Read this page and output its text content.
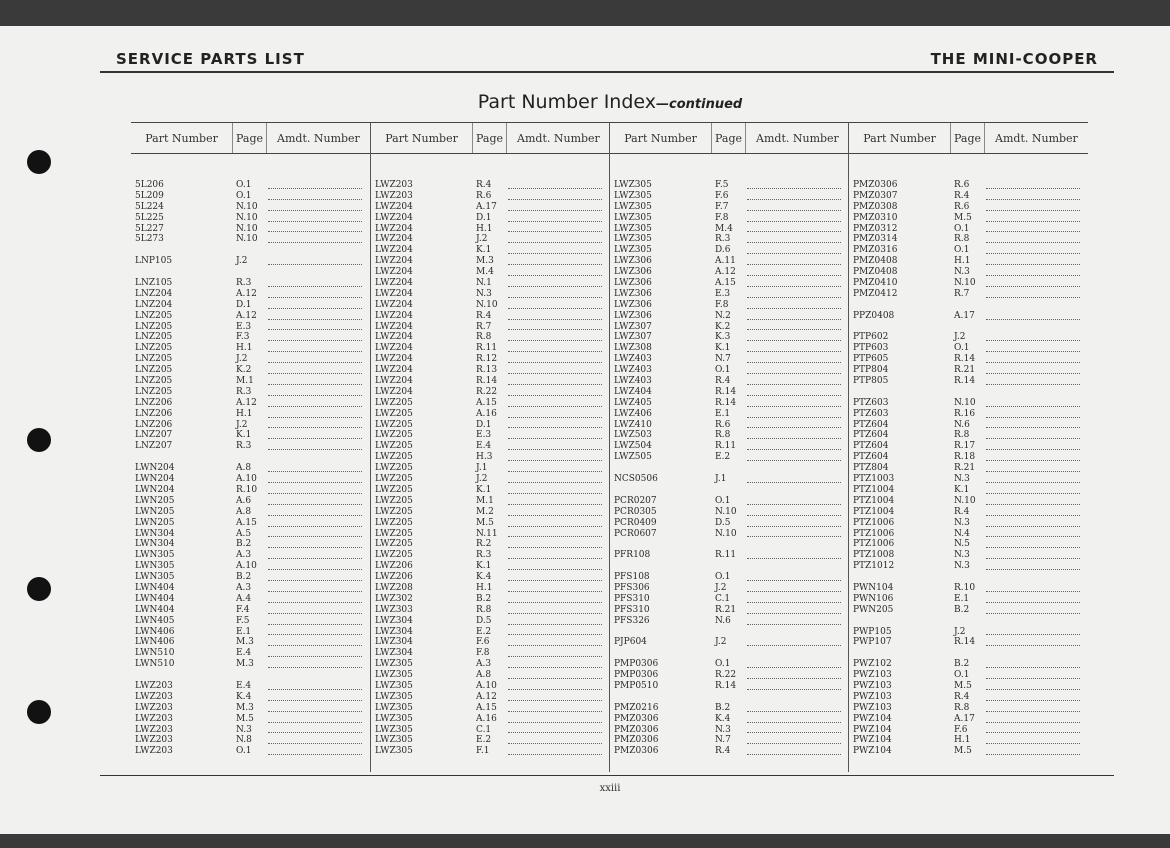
SERVICE PARTS LIST	THE MINI-COOPER
Part Number Index—continued
Part Number	Page	Amdt. Number
5L206	O.1
5L209	O.1
5L224	N.10
5L225	N.10
5L227	N.10
5L273	N.10
LNP105	J.2
LNZ105	R.3
LNZ204	A.12
LNZ204	D.1
LNZ205	A.12
LNZ205	E.3
LNZ205	F.3
LNZ205	H.1
LNZ205	J.2
LNZ205	K.2
LNZ205	M.1
LNZ205	R.3
LNZ206	A.12
LNZ206	H.1
LNZ206	J.2
LNZ207	K.1
LNZ207	R.3
LWN204	A.8
LWN204	A.10
LWN204	R.10
LWN205	A.6
LWN205	A.8
LWN205	A.15
LWN304	A.5
LWN304	B.2
LWN305	A.3
LWN305	A.10
LWN305	B.2
LWN404	A.3
LWN404	A.4
LWN404	F.4
LWN405	F.5
LWN406	E.1
LWN406	M.3
LWN510	E.4
LWN510	M.3
LWZ203	E.4
LWZ203	K.4
LWZ203	M.3
LWZ203	M.5
LWZ203	N.3
LWZ203	N.8
LWZ203	O.1
Part Number	Page	Amdt. Number
LWZ203	R.4
LWZ203	R.6
LWZ204	A.17
LWZ204	D.1
LWZ204	H.1
LWZ204	J.2
LWZ204	K.1
LWZ204	M.3
LWZ204	M.4
LWZ204	N.1
LWZ204	N.3
LWZ204	N.10
LWZ204	R.4
LWZ204	R.7
LWZ204	R.8
LWZ204	R.11
LWZ204	R.12
LWZ204	R.13
LWZ204	R.14
LWZ204	R.22
LWZ205	A.15
LWZ205	A.16
LWZ205	D.1
LWZ205	E.3
LWZ205	E.4
LWZ205	H.3
LWZ205	J.1
LWZ205	J.2
LWZ205	K.1
LWZ205	M.1
LWZ205	M.2
LWZ205	M.5
LWZ205	N.11
LWZ205	R.2
LWZ205	R.3
LWZ206	K.1
LWZ206	K.4
LWZ208	H.1
LWZ302	B.2
LWZ303	R.8
LWZ304	D.5
LWZ304	E.2
LWZ304	F.6
LWZ304	F.8
LWZ305	A.3
LWZ305	A.8
LWZ305	A.10
LWZ305	A.12
LWZ305	A.15
LWZ305	A.16
LWZ305	C.1
LWZ305	E.2
LWZ305	F.1
Part Number	Page	Amdt. Number
LWZ305	F.5
LWZ305	F.6
LWZ305	F.7
LWZ305	F.8
LWZ305	M.4
LWZ305	R.3
LWZ305	D.6
LWZ306	A.11
LWZ306	A.12
LWZ306	A.15
LWZ306	E.3
LWZ306	F.8
LWZ306	N.2
LWZ307	K.2
LWZ307	K.3
LWZ308	K.1
LWZ403	N.7
LWZ403	O.1
LWZ403	R.4
LWZ404	R.14
LWZ405	R.14
LWZ406	E.1
LWZ410	R.6
LWZ503	R.8
LWZ504	R.11
LWZ505	E.2
NCS0506	J.1
PCR0207	O.1
PCR0305	N.10
PCR0409	D.5
PCR0607	N.10
PFR108	R.11
PFS108	O.1
PFS306	J.2
PFS310	C.1
PFS310	R.21
PFS326	N.6
PJP604	J.2
PMP0306	O.1
PMP0306	R.22
PMP0510	R.14
PMZ0216	B.2
PMZ0306	K.4
PMZ0306	N.3
PMZ0306	N.7
PMZ0306	R.4
Part Number	Page	Amdt. Number
PMZ0306	R.6
PMZ0307	R.4
PMZ0308	R.6
PMZ0310	M.5
PMZ0312	O.1
PMZ0314	R.8
PMZ0316	O.1
PMZ0408	H.1
PMZ0408	N.3
PMZ0410	N.10
PMZ0412	R.7
PPZ0408	A.17
PTP602	J.2
PTP603	O.1
PTP605	R.14
PTP804	R.21
PTP805	R.14
PTZ603	N.10
PTZ603	R.16
PTZ604	N.6
PTZ604	R.8
PTZ604	R.17
PTZ604	R.18
PTZ804	R.21
PTZ1003	N.3
PTZ1004	K.1
PTZ1004	N.10
PTZ1004	R.4
PTZ1006	N.3
PTZ1006	N.4
PTZ1006	N.5
PTZ1008	N.3
PTZ1012	N.3
PWN104	R.10
PWN106	E.1
PWN205	B.2
PWP105	J.2
PWP107	R.14
PWZ102	B.2
PWZ103	O.1
PWZ103	M.5
PWZ103	R.4
PWZ103	R.8
PWZ104	A.17
PWZ104	F.6
PWZ104	H.1
PWZ104	M.5
xxiii
